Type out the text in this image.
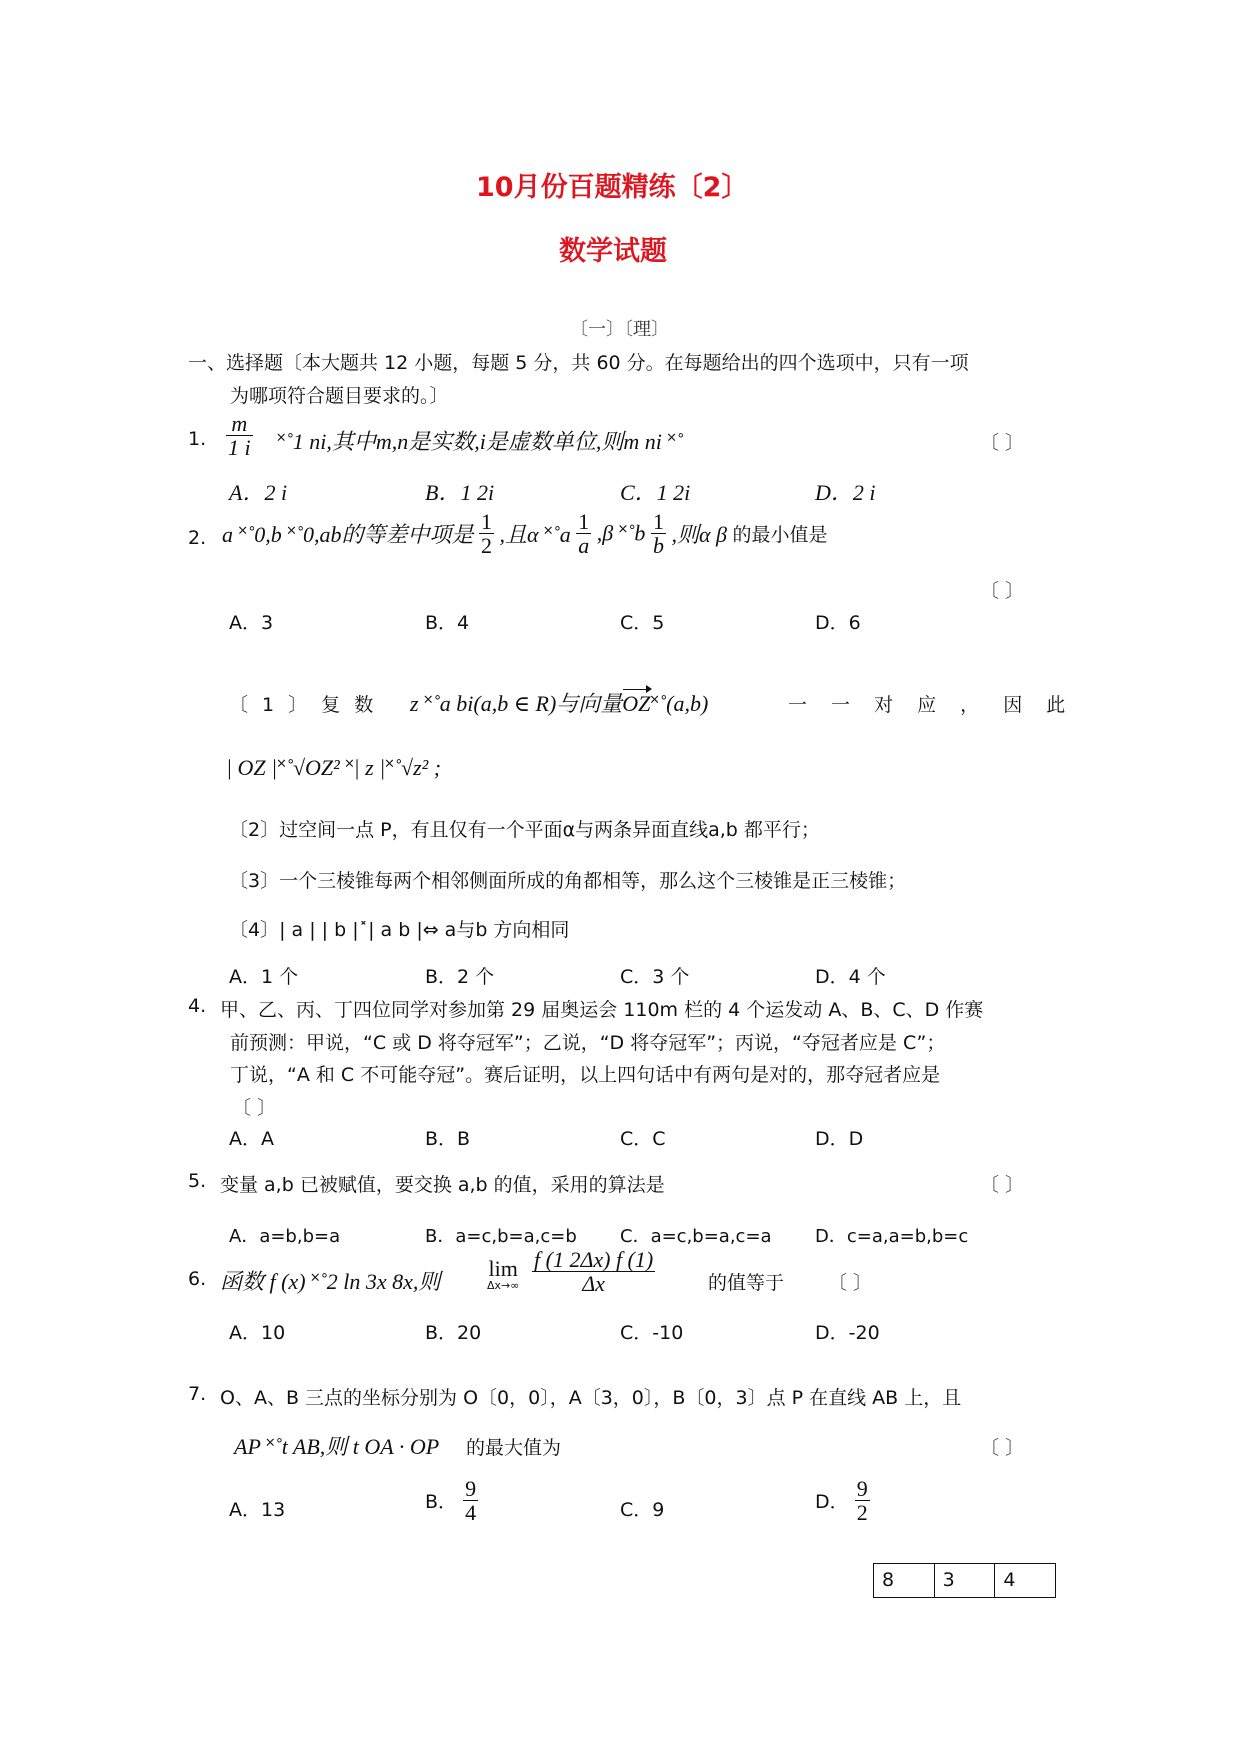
10月份百题精练〔2〕
数学试题
〔一〕〔理〕
一、选择题〔本大题共 12 小题，每题 5 分，共 60 分。在每题给出的四个选项中，只有一项
为哪项符合题目要求的。〕
1. $\frac{m}{1 i}$ ˟˚1 ni,其中m,n是实数,i是虚数单位,则m ni ˟˚	〔 〕
A．2 i	B．1 2i	C．1 2i	D．2 i
2. a ˟˚0,b ˟˚0,ab的等差中项是 $\frac{1}{2}$ ,且α ˟˚a $\frac{1}{a} ,\beta$ ˟˚b $\frac{1}{b}$ ,则α β 的最小值是
〔 〕
A．3	B．4	C．5	D．6
〔 1 〕 复 数 z ˟˚a bi(a,b ∈ R)与向量OZ˟˚(a,b)	一 一 对 应 ， 因 此
| OZ |˟˚√OZ² ˟| z |˟˚√z² ;
〔2〕过空间一点 P，有且仅有一个平面α与两条异面直线a,b 都平行；
〔3〕一个三棱锥每两个相邻侧面所成的角都相等，那么这个三棱锥是正三棱锥；
〔4〕| a | | b |˟| a b |⇔ a与b 方向相同
A．1 个	B．2 个	C．3 个	D．4 个
4. 甲、乙、丙、丁四位同学对参加第 29 届奥运会 110m 栏的 4 个运发动 A、B、C、D 作赛
前预测：甲说，“C 或 D 将夺冠军”；乙说，“D 将夺冠军”；丙说，“夺冠者应是 C”；
丁说，“A 和 C 不可能夺冠”。赛后证明，以上四句话中有两句是对的，那夺冠者应是
〔 〕
A．A	B．B	C．C	D．D
5. 变量 a,b 已被赋值，要交换 a,b 的值，采用的算法是	〔 〕
A．a=b,b=a	B．a=c,b=a,c=b C．a=c,b=a,c=a D．c=a,a=b,b=c
6. 函数 f (x) ˟˚2 ln 3x 8x,则
lim
$\Delta x\to\infty \frac{f (1 2\Delta x) f (1)}{\Delta x}$	的值等于 〔 〕
A．10	B．20	C．-10	D．-20
7. O、A、B 三点的坐标分别为 O〔0，0〕，A〔3，0〕，B〔0，3〕点 P 在直线 AB 上，且
AP ˟˚t AB,则 t OA · OP 的最大值为	〔 〕
A．13	B． $\frac{9}{4}$	C．9	D． $\frac{9}{2}$
8	3	4
